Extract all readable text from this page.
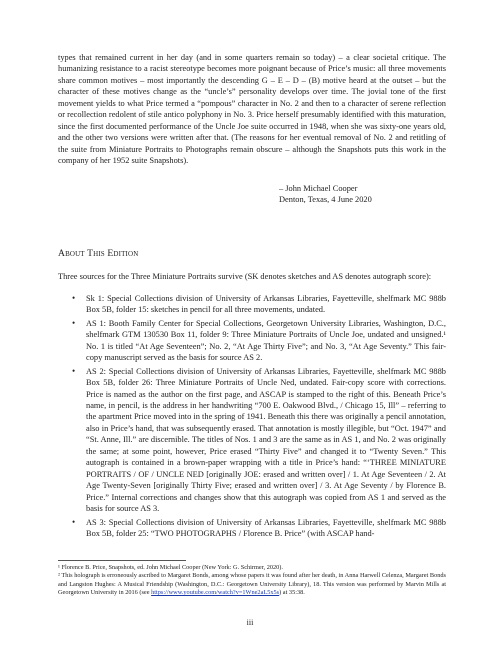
types that remained current in her day (and in some quarters remain so today) – a clear societal critique. The humanizing resistance to a racist stereotype becomes more poignant because of Price’s music: all three movements share common motives – most importantly the descending G – E – D – (B) motive heard at the outset – but the character of these motives change as the “uncle’s” personality develops over time. The jovial tone of the first movement yields to what Price termed a “pompous” character in No. 2 and then to a character of serene reflection or recollection redolent of stile antico polyphony in No. 3. Price herself presumably identified with this maturation, since the first documented performance of the Uncle Joe suite occurred in 1948, when she was sixty-one years old, and the other two versions were written after that. (The reasons for her eventual removal of No. 2 and retitling of the suite from Miniature Portraits to Photographs remain obscure – although the Snapshots puts this work in the company of her 1952 suite Snapshots).

– John Michael Cooper
Denton, Texas, 4 June 2020
About This Edition

Three sources for the Three Miniature Portraits survive (SK denotes sketches and AS denotes autograph score):

• Sk 1: Special Collections division of University of Arkansas Libraries, Fayetteville, shelfmark MC 988b Box 5B, folder 15: sketches in pencil for all three movements, undated.
• AS 1: Booth Family Center for Special Collections, Georgetown University Libraries, Washington, D.C., shelfmark GTM 130530 Box 11, folder 9: Three Miniature Portraits of Uncle Joe, undated and unsigned.¹ No. 1 is titled “At Age Seventeen”; No. 2, “At Age Thirty Five”; and No. 3, “At Age Seventy.” This fair-copy manuscript served as the basis for source AS 2.
• AS 2: Special Collections division of University of Arkansas Libraries, Fayetteville, shelfmark MC 988b Box 5B, folder 26: Three Miniature Portraits of Uncle Ned, undated. Fair-copy score with corrections. Price is named as the author on the first page, and ASCAP is stamped to the right of this. Beneath Price’s name, in pencil, is the address in her handwriting “700 E. Oakwood Blvd., / Chicago 15, Ill” – referring to the apartment Price moved into in the spring of 1941. Beneath this there was originally a pencil annotation, also in Price’s hand, that was subsequently erased. That annotation is mostly illegible, but “Oct. 1947” and “St. Anne, Ill.” are discernible. The titles of Nos. 1 and 3 are the same as in AS 1, and No. 2 was originally the same; at some point, however, Price erased “Thirty Five” and changed it to “Twenty Seven.” This autograph is contained in a brown-paper wrapping with a title in Price’s hand: “‘THREE MINIATURE PORTRAITS / OF / UNCLE NED [originally JOE: erased and written over] / 1. At Age Seventeen / 2. At Age Twenty-Seven [originally Thirty Five; erased and written over] / 3. At Age Seventy / by Florence B. Price.” Internal corrections and changes show that this autograph was copied from AS 1 and served as the basis for source AS 3.
• AS 3: Special Collections division of University of Arkansas Libraries, Fayetteville, shelfmark MC 988b Box 5B, folder 25: “TWO PHOTOGRAPHS / Florence B. Price” (with ASCAP hand-
¹ Florence B. Price, Snapshots, ed. John Michael Cooper (New York: G. Schirmer, 2020).
² This holograph is erroneously ascribed to Margaret Bonds, among whose papers it was found after her death, in Anna Harwell Celenza, Margaret Bonds and Langston Hughes: A Musical Friendship (Washington, D.C.: Georgetown University Library), 18. This version was performed by Marvin Mills at Georgetown University in 2016 (see https://www.youtube.com/watch?v=1Wne2aL5x5s) at 35:38.
iii
